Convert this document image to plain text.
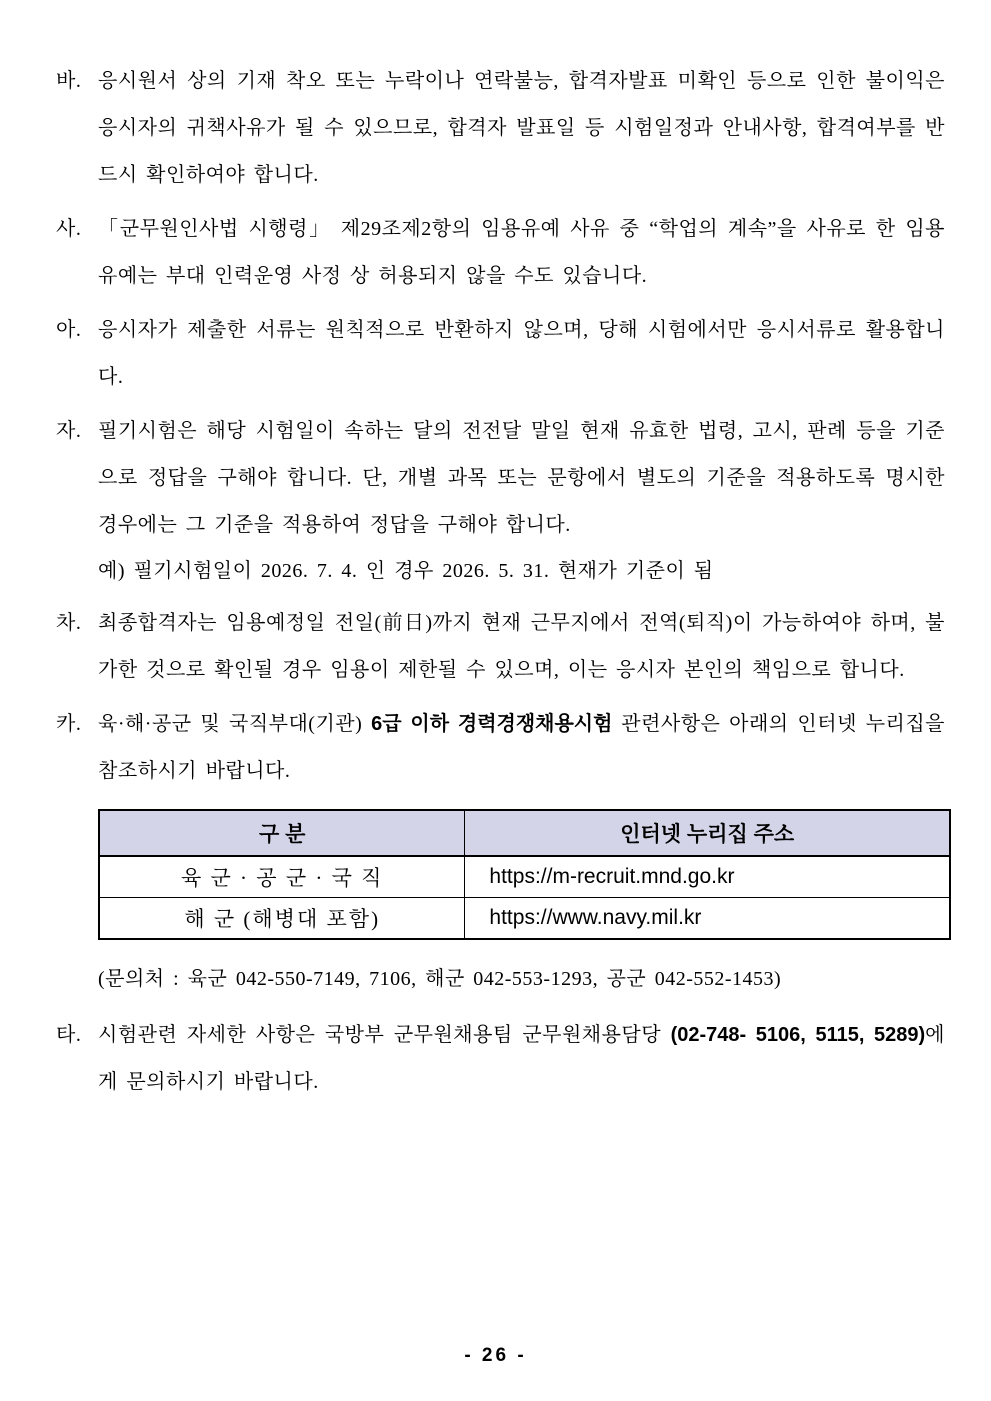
바. 응시원서 상의 기재 착오 또는 누락이나 연락불능, 합격자발표 미확인 등으로 인한 불이익은 응시자의 귀책사유가 될 수 있으므로, 합격자 발표일 등 시험일정과 안내사항, 합격여부를 반드시 확인하여야 합니다.
사. 「군무원인사법 시행령」 제29조제2항의 임용유예 사유 중 “학업의 계속”을 사유로 한 임용유예는 부대 인력운영 사정 상 허용되지 않을 수도 있습니다.
아. 응시자가 제출한 서류는 원칙적으로 반환하지 않으며, 당해 시험에서만 응시서류로 활용합니다.
자. 필기시험은 해당 시험일이 속하는 달의 전전달 말일 현재 유효한 법령, 고시, 판례 등을 기준으로 정답을 구해야 합니다. 단, 개별 과목 또는 문항에서 별도의 기준을 적용하도록 명시한 경우에는 그 기준을 적용하여 정답을 구해야 합니다.
예) 필기시험일이 2026. 7. 4. 인 경우 2026. 5. 31. 현재가 기준이 됨
차. 최종합격자는 임용예정일 전일(前日)까지 현재 근무지에서 전역(퇴직)이 가능하여야 하며, 불가한 것으로 확인될 경우 임용이 제한될 수 있으며, 이는 응시자 본인의 책임으로 합니다.
카. 육·해·공군 및 국직부대(기관) 6급 이하 경력경쟁채용시험 관련사항은 아래의 인터넷 누리집을 참조하시기 바랍니다.
구 분	인터넷 누리집 주소
육 군 · 공 군 · 국 직	https://m-recruit.mnd.go.kr
해 군 (해병대 포함)	https://www.navy.mil.kr
(문의처 : 육군 042-550-7149, 7106, 해군 042-553-1293, 공군 042-552-1453)
타. 시험관련 자세한 사항은 국방부 군무원채용팀 군무원채용담당 (02-748- 5106, 5115, 5289)에게 문의하시기 바랍니다.
- 26 -
